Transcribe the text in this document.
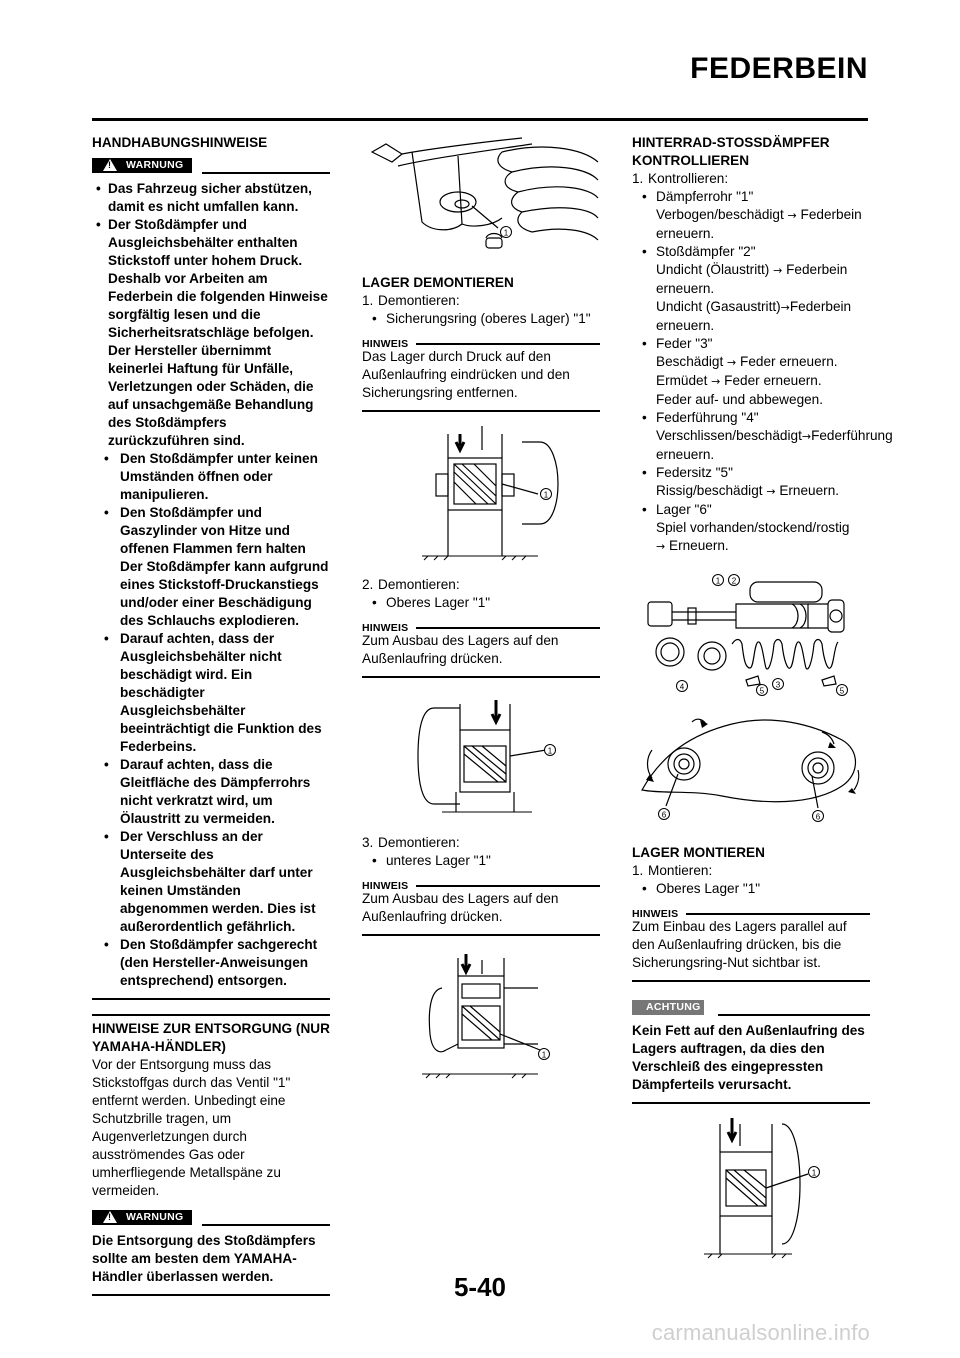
FEDERBEIN
HANDHABUNGSHINWEISE
!
WARNUNG
• Das Fahrzeug sicher abstützen, damit es nicht umfallen kann.
• Der Stoßdämpfer und Ausgleichsbehälter enthalten Stickstoff unter hohem Druck. Deshalb vor Arbeiten am Federbein die folgenden Hinweise sorgfältig lesen und die Sicherheitsratschläge befolgen. Der Hersteller übernimmt keinerlei Haftung für Unfälle, Verletzungen oder Schäden, die auf unsachgemäße Behandlung des Stoßdämpfers zurückzuführen sind.
• Den Stoßdämpfer unter keinen Umständen öffnen oder manipulieren.
• Den Stoßdämpfer und Gaszylinder von Hitze und offenen Flammen fern halten Der Stoßdämpfer kann aufgrund eines Stickstoff-Druckanstiegs und/oder einer Beschädigung des Schlauchs explodieren.
• Darauf achten, dass der Ausgleichsbehälter nicht beschädigt wird. Ein beschädigter Ausgleichsbehälter beeinträchtigt die Funktion des Federbeins.
• Darauf achten, dass die Gleitfläche des Dämpferrohrs nicht verkratzt wird, um Ölaustritt zu vermeiden.
• Der Verschluss an der Unterseite des Ausgleichsbehälter darf unter keinen Umständen abgenommen werden. Dies ist außerordentlich gefährlich.
• Den Stoßdämpfer sachgerecht (den Hersteller-Anweisungen entsprechend) entsorgen.
HINWEISE ZUR ENTSORGUNG (NUR YAMAHA-HÄNDLER)
Vor der Entsorgung muss das Stickstoffgas durch das Ventil "1" entfernt werden. Unbedingt eine Schutzbrille tragen, um Augenverletzungen durch ausströmendes Gas oder umherfliegende Metallspäne zu vermeiden.
!
WARNUNG
Die Entsorgung des Stoßdämpfers sollte am besten dem YAMAHA-Händler überlassen werden.
1
LAGER DEMONTIEREN
1. Demontieren:
• Sicherungsring (oberes Lager) "1"
HINWEIS
Das Lager durch Druck auf den Außenlaufring eindrücken und den Sicherungsring entfernen.
1
2. Demontieren:
• Oberes Lager "1"
HINWEIS
Zum Ausbau des Lagers auf den Außenlaufring drücken.
1
3. Demontieren:
• unteres Lager "1"
HINWEIS
Zum Ausbau des Lagers auf den Außenlaufring drücken.
1
HINTERRAD-STOSSDÄMPFER KONTROLLIEREN
1. Kontrollieren:
• Dämpferrohr "1"
Verbogen/beschädigt → Federbein erneuern.
• Stoßdämpfer "2"
Undicht (Ölaustritt) → Federbein erneuern.
Undicht (Gasaustritt)→Federbein erneuern.
• Feder "3"
Beschädigt → Feder erneuern.
Ermüdet → Feder erneuern.
Feder auf- und abbewegen.
• Federführung "4"
Verschlissen/beschädigt→Federführung erneuern.
• Federsitz "5"
Rissig/beschädigt → Erneuern.
• Lager "6"
Spiel vorhanden/stockend/rostig
→ Erneuern.
1 2
4	5
3
5
6	6
LAGER MONTIEREN
1. Montieren:
• Oberes Lager "1"
HINWEIS
Zum Einbau des Lagers parallel auf den Außenlaufring drücken, bis die Sicherungsring-Nut sichtbar ist.
ACHTUNG
Kein Fett auf den Außenlaufring des Lagers auftragen, da dies den Verschleiß des eingepressten Dämpferteils verursacht.
1
5-40
carmanualsonline.info
